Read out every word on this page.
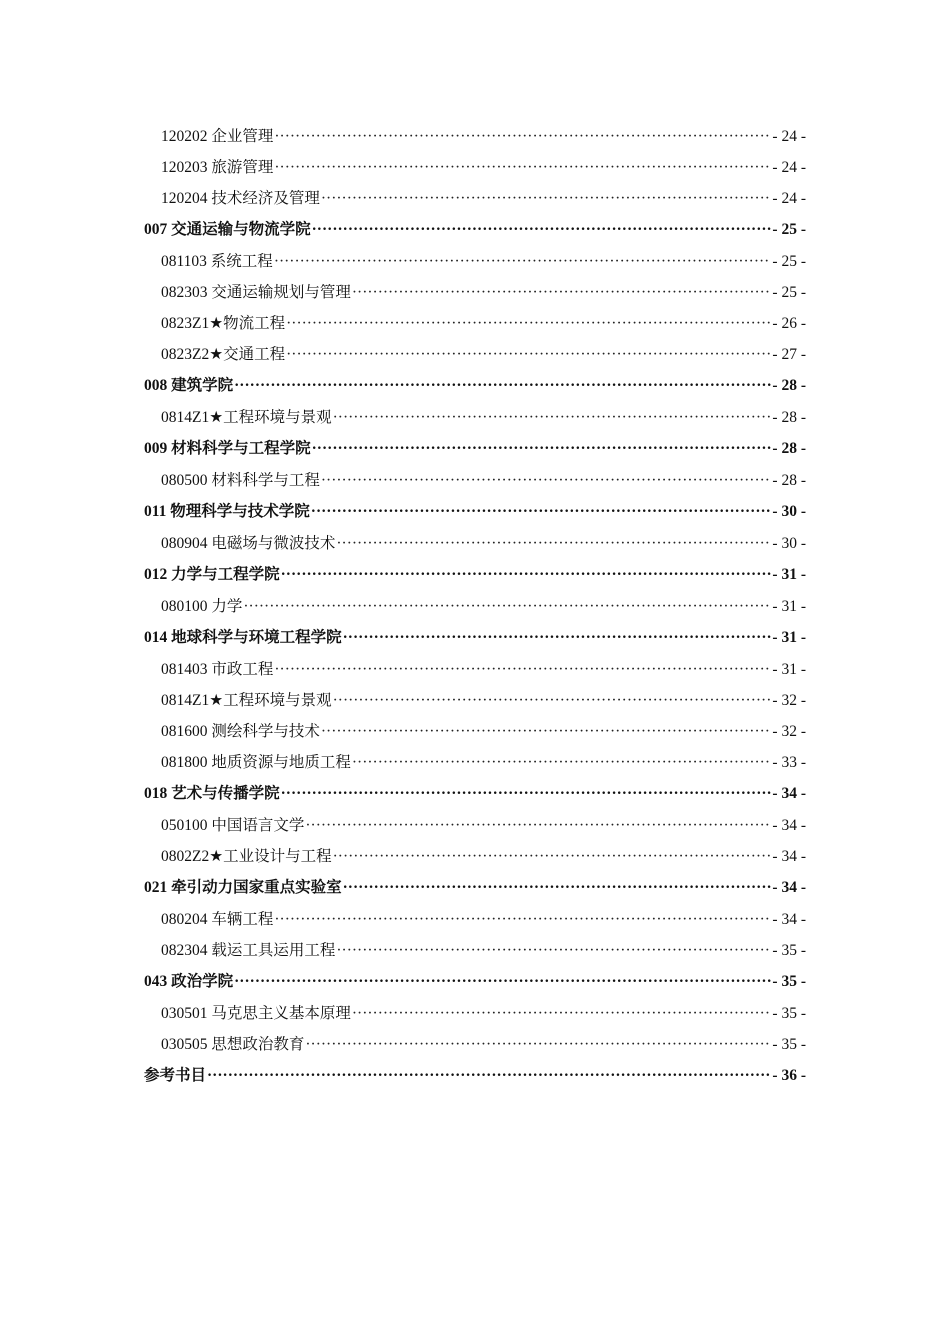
120202 企业管理 ·····	- 24 -
120203 旅游管理 ·····	- 24 -
120204 技术经济及管理 ·····	- 24 -
007 交通运输与物流学院 ·····	- 25 -
081103 系统工程 ·····	- 25 -
082303 交通运输规划与管理 ·····	- 25 -
0823Z1★物流工程 ·····	- 26 -
0823Z2★交通工程 ·····	- 27 -
008 建筑学院 ·····	- 28 -
0814Z1★工程环境与景观 ·····	- 28 -
009 材料科学与工程学院 ·····	- 28 -
080500 材料科学与工程 ·····	- 28 -
011 物理科学与技术学院 ·····	- 30 -
080904 电磁场与微波技术 ·····	- 30 -
012 力学与工程学院 ·····	- 31 -
080100 力学 ·····	- 31 -
014 地球科学与环境工程学院 ·····	- 31 -
081403 市政工程 ·····	- 31 -
0814Z1★工程环境与景观 ·····	- 32 -
081600 测绘科学与技术 ·····	- 32 -
081800 地质资源与地质工程 ·····	- 33 -
018 艺术与传播学院 ·····	- 34 -
050100 中国语言文学 ·····	- 34 -
0802Z2★工业设计与工程 ·····	- 34 -
021 牵引动力国家重点实验室 ·····	- 34 -
080204 车辆工程 ·····	- 34 -
082304 载运工具运用工程 ·····	- 35 -
043 政治学院 ·····	- 35 -
030501 马克思主义基本原理 ·····	- 35 -
030505 思想政治教育 ·····	- 35 -
参考书目 ·····	- 36 -
